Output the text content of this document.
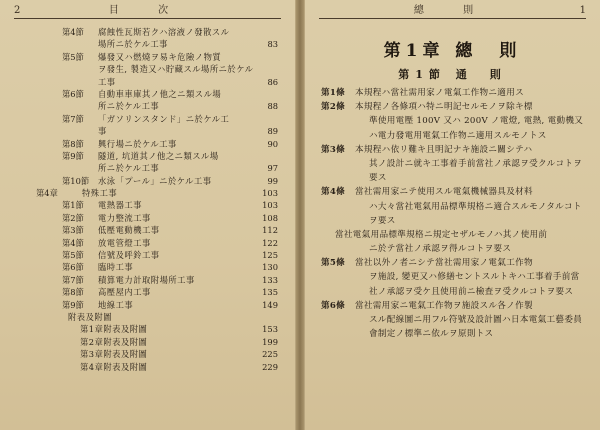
2	目 次
第4節	腐蝕性瓦斯若クハ溶液ノ發散スル
場所ニ於ケル工事	83
第5節	爆發又ハ燃燒ヲ易キ危險ノ物質
ヲ發生, 製造又ハ貯藏スル場所ニ於ケル
工事	86
第6節	自動車車庫其ノ他之ニ類スル場
所ニ於ケル工事	88
第7節	「ガソリンスタンド」ニ於ケル工
事	89
第8節	興行場ニ於ケル工事	90
第9節	隧道, 坑道其ノ他之ニ類スル場
所ニ於ケル工事	97
第10節	水泳「プール」ニ於ケル工事	99
第4章	特殊工事	103
第1節	電熱器工事	103
第2節	電力整流工事	108
第3節	低壓電動機工事	112
第4節	放電管燈工事	122
第5節	信號及呼鈴工事	125
第6節	臨時工事	130
第7節	積算電力計取附場所工事	133
第8節	高壓屋内工事	135
第9節	地線工事	149
附表及附圖
第1章附表及附圖	153
第2章附表及附圖	199
第3章附表及附圖	225
第4章附表及附圖	229
總 則	1
第1章 總　則
第1節 通　則
第1條 本規程ハ當社需用家ノ電氣工作物ニ適用ス
第2條 本規程ノ各條項ハ特ニ明記セルモノヲ除キ標
準使用電壓 100V 又ハ 200V ノ電燈, 電熱, 電動機又
ハ電力發電用電氣工作物ニ適用スルモノトス
第3條 本規程ハ依リ難キ且明記ナキ施設ニ關シテハ
其ノ設計ニ就キ工事着手前當社ノ承認ヲ受クルコトヲ
要ス
第4條 當社需用家ニテ使用スル電氣機械器具及材料
ハ大々當社電氣用品標準規格ニ適合スルモノタルコト
ヲ要ス
當社電氣用品標準規格ニ規定セザルモノハ其ノ使用前
ニ於テ當社ノ承認ヲ得ルコトヲ要ス
第5條 當社以外ノ者ニシテ當社需用家ノ電氣工作物
ヲ施設, 變更又ハ修繕セントスルトキハ工事着手前當
社ノ承認ヲ受ケ且使用前ニ檢査ヲ受クルコトヲ要ス
第6條 當社需用家ニ電氣工作物ヲ施設スル各ノ作製
スル配線圖ニ用フル符號及設計圖ハ日本電氣工藝委員
會制定ノ標準ニ依ルヲ原則トス
